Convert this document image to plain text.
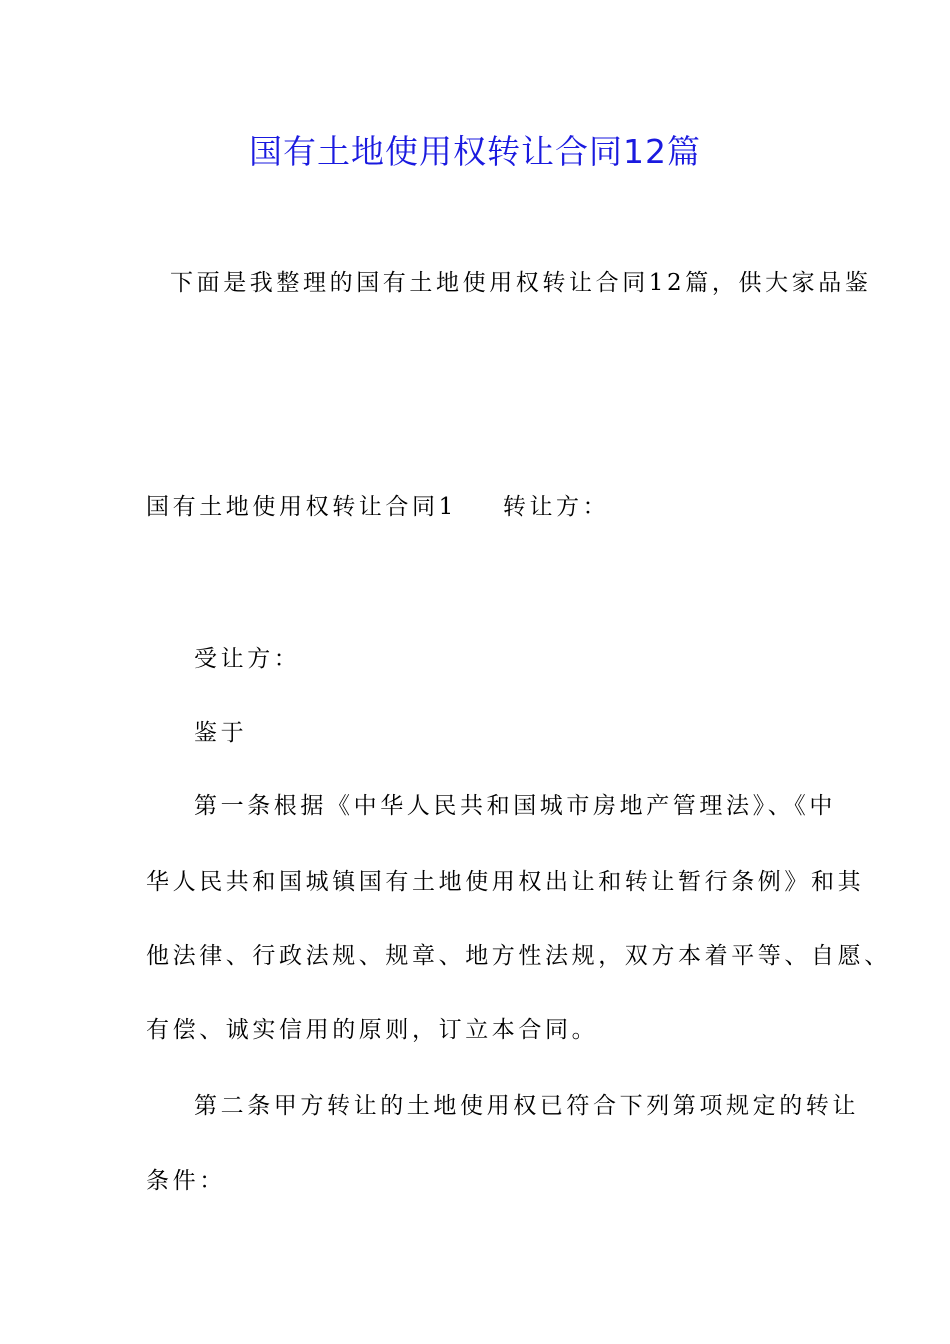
国有土地使用权转让合同12篇
下面是我整理的国有土地使用权转让合同12篇，供大家品鉴
国有土地使用权转让合同1 转让方：
受让方：
鉴于
第一条根据《中华人民共和国城市房地产管理法》、《中
华人民共和国城镇国有土地使用权出让和转让暂行条例》和其
他法律、行政法规、规章、地方性法规，双方本着平等、自愿、
有偿、诚实信用的原则，订立本合同。
第二条甲方转让的土地使用权已符合下列第项规定的转让
条件：
